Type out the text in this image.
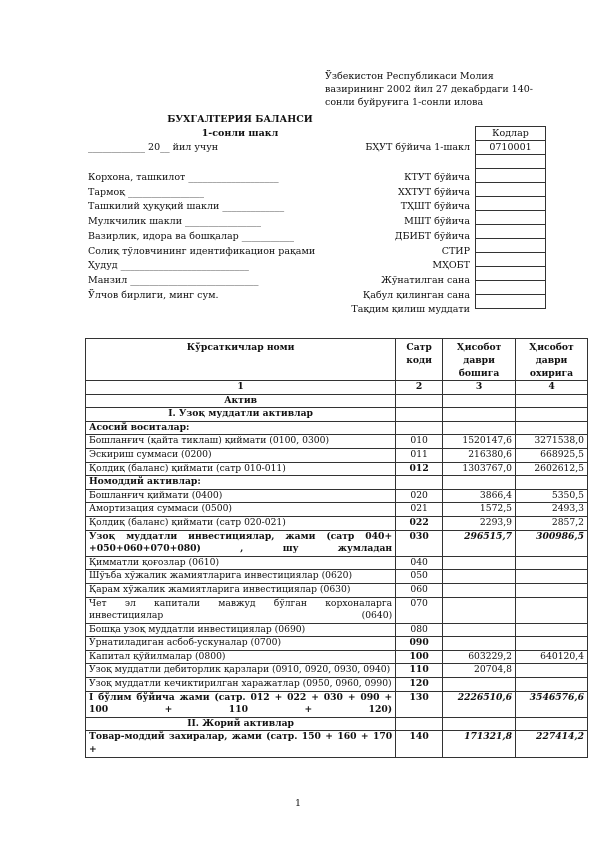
Ўзбекистон Республикаси Молия
вазирининг 2002 йил 27 декабрдаги 140-
сонли буйруғига 1-сонли илова
БУХГАЛТЕРИЯ БАЛАНСИ
1-сонли шакл
____________ 20__ йил учун	БҲУТ бўйича 1-шакл
Кодлар
0710001

Корхона, ташкилот ___________________
Тармоқ ________________
Ташкилий ҳуқуқий шакли _____________
Мулкчилик шакли ________________
Вазирлик, идора ва бошқалар ___________
Солиқ тўловчининг идентификацион рақами
Ҳудуд ___________________________
Манзил ___________________________
Ўлчов бирлиги, минг сум.
КТУТ бўйича
ХХТУТ бўйича
ТҲШТ бўйича
МШТ бўйича
ДБИБТ бўйича
СТИР
МҲОБТ
Жўнатилган сана
Қабул қилинган сана
Тақдим қилиш муддати
Кўрсаткичлар номи	Сатр коди	Ҳисобот даври бошига	Ҳисобот даври охирига
1	2	3	4
Актив			
I. Узоқ муддатли активлар			
Асосий воситалар:			
Бошланғич (қайта тиклаш) қиймати (0100, 0300)	010	1520147,6	3271538,0
Эскириш суммаси (0200)	011	216380,6	668925,5
Қолдиқ (баланс) қиймати (сатр 010-011)	012	1303767,0	2602612,5
Номоддий активлар:			
Бошланғич қиймати (0400)	020	3866,4	5350,5
Амортизация суммаси (0500)	021	1572,5	2493,3
Қолдиқ (баланс) қиймати (сатр 020-021)	022	2293,9	2857,2
Узоқ муддатли инвестициялар, жами (сатр 040+ +050+060+070+080) , шу жумладан	030	296515,7	300986,5
Қимматли қоғозлар (0610)	040		
Шўъба хўжалик жамиятларига инвестициялар (0620)	050		
Қарам хўжалик жамиятларига инвестициялар (0630)	060		
Чет эл капитали мавжуд бўлган корхоналарга инвестициялар (0640)	070		
Бошқа узоқ муддатли инвестициялар (0690)	080		
Ўрнатиладиган асбоб-ускуналар (0700)	090		
Капитал қўйилмалар (0800)	100	603229,2	640120,4
Узоқ муддатли дебиторлик қарзлари (0910, 0920, 0930, 0940)	110	20704,8	
Узоқ муддатли кечиктирилган харажатлар (0950, 0960, 0990)	120		
I бўлим бўйича жами (сатр. 012 + 022 + 030 + 090 + 100 + 110 + 120)	130	2226510,6	3546576,6
II. Жорий активлар			
Товар-моддий захиралар, жами (сатр. 150 + 160 + 170 +	140	171321,8	227414,2
1
